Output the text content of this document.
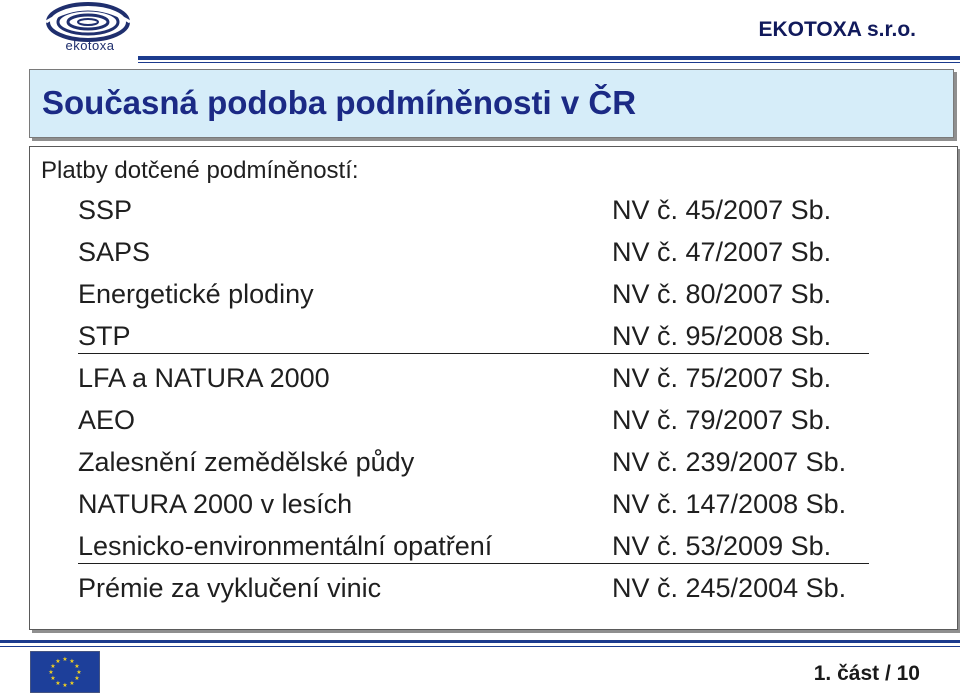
ekotoxa
EKOTOXA s.r.o.
Současná podoba podmíněnosti v ČR
Platby dotčené podmíněností:
SSP	NV č. 45/2007 Sb.
SAPS	NV č. 47/2007 Sb.
Energetické plodiny	NV č. 80/2007 Sb.
STP	NV č. 95/2008 Sb.
LFA a NATURA 2000	NV č. 75/2007 Sb.
AEO	NV č. 79/2007 Sb.
Zalesnění zemědělské půdy	NV č. 239/2007 Sb.
NATURA 2000 v lesích	NV č. 147/2008 Sb.
Lesnicko-environmentální opatření	NV č. 53/2009 Sb.
Prémie za vyklučení vinic	NV č. 245/2004 Sb.
★ ★
★
★
★
★
★
★
★
★
★
★
1. část / 10
